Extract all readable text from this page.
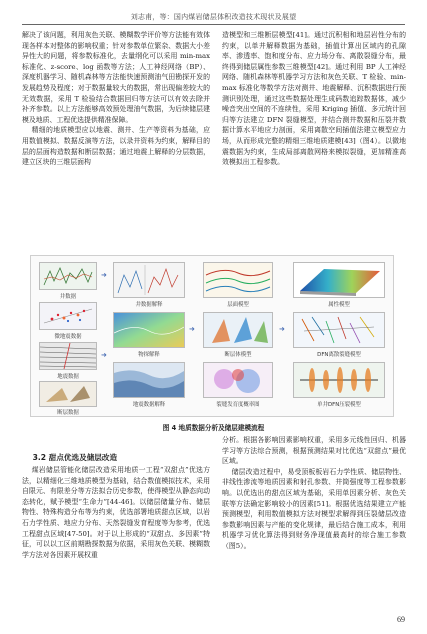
刘志甫，等：国内煤岩储层体积改造技术现状及展望

解决了该问题，利用灰色关联、模糊数学评价等方法能有效体现各样本对整体的影响权重；针对参数单位繁杂、数据大小差异性大的问题，将参数标准化，去量纲化可以采用 min-max 标准化、z-score、log 函数等方法；人工神经网络（BP）、深度机器学习、随机森林等方法能快速预测油气田勘探开发的发展趋势及程度；对于数据量较大的数据，常出现偏差较大的无效数据，采用 T 检验结合数据回归等方法可以有效去除并补齐参数。以上方法能够高效预处理油气数据，为后续储层建模及地质、工程优选提供精准保障。

精细的地质模型应以地震、测井、生产等资料为基础，应用数值模拟、数据反演等方法，以录井资料为约束，解释目的层的层面构造数据和断层数据；通过地震上解释的分层数据，建立区块的三维层面构

造模型和三维断层模型[41]。通过沉积相和地层岩性分布的约束，以单井解释数据为基础，插值计算出区域内的孔隙率、渗透率、饱和度分布、应力场分布、离散裂缝分布，最终得到储层属性参数三维模型[42]。通过利用 BP 人工神经网络、随机森林等机器学习方法和灰色关联、T 检验、min-max 标准化等数学方法对测井、地震解释、沉积数据进行预测识别处理，通过这些数据处理生成码数追踪数据体，减少噪音突出空间的不连续性，采用 Kriging 插值、多元统计回归等方法建立 DFN 裂缝模型，并结合测井数据和压裂井数据计算水平地应力剖面，采用离散空间插值法建立模型应力场，从而形成完整的精细三维地质建模[43]（图4）。以微地震数据为约束，生成局部离散网格来模拟裂缝，更加精准高效模拟出工程参数。

井数据
微地震数据
地震数据
断层数据
➜
➜
井数据解释
物探解释
地震数据解释
➜
层面模型
断层体模型
裂缝发育度概率图
➜
属性模型
DFN离散裂缝模型
单井DFN压裂模型
图 4 地质数据分析及储层建模流程

3.2 甜点优选及储层改造

煤岩储层管能化储层改造采用地质一工程“双甜点”优选方法，以精细化三维地质模型为基础，结合数值模拟技术，采用自限元、有限差分等方法拟合历史参数，使得模型从静态向动态转化，赋予模型“生命力”[44-46]。以储层储量分布、储层物性、特殊构造分布等为约束，优选部署地质甜点区域，以岩石力学性质、地应力分布、天然裂缝发育程度等为参考，优选工程甜点区域[47-50]。对于以上形成的“双甜点、多因素”特征，可以以工区前期勘探数据为依据，采用灰色关联、模糊数学方法对各因素开展权重

分析。根据各影响因素影响权重，采用多元线性回归、机器学习等方法综合预测，根据预测结果对比优选“双甜点”最优区域。

储层改造过程中，易受顶板板岩石力学性质、储层物性、非线性渗流等地质因素和射孔参数、井筒强度等工程参数影响。以优选出的甜点区域为基础，采用单因素分析、灰色关联等方法确定影响较小的因素[51]。根据优选结果建立产能预测模型，利用数值模拟方法对模型求解得到压裂储层改造参数影响因素与产能的变化规律，最后结合施工成本，利用机器学习优化算法得到财务净现值最高时的综合施工参数（图5）。

69
